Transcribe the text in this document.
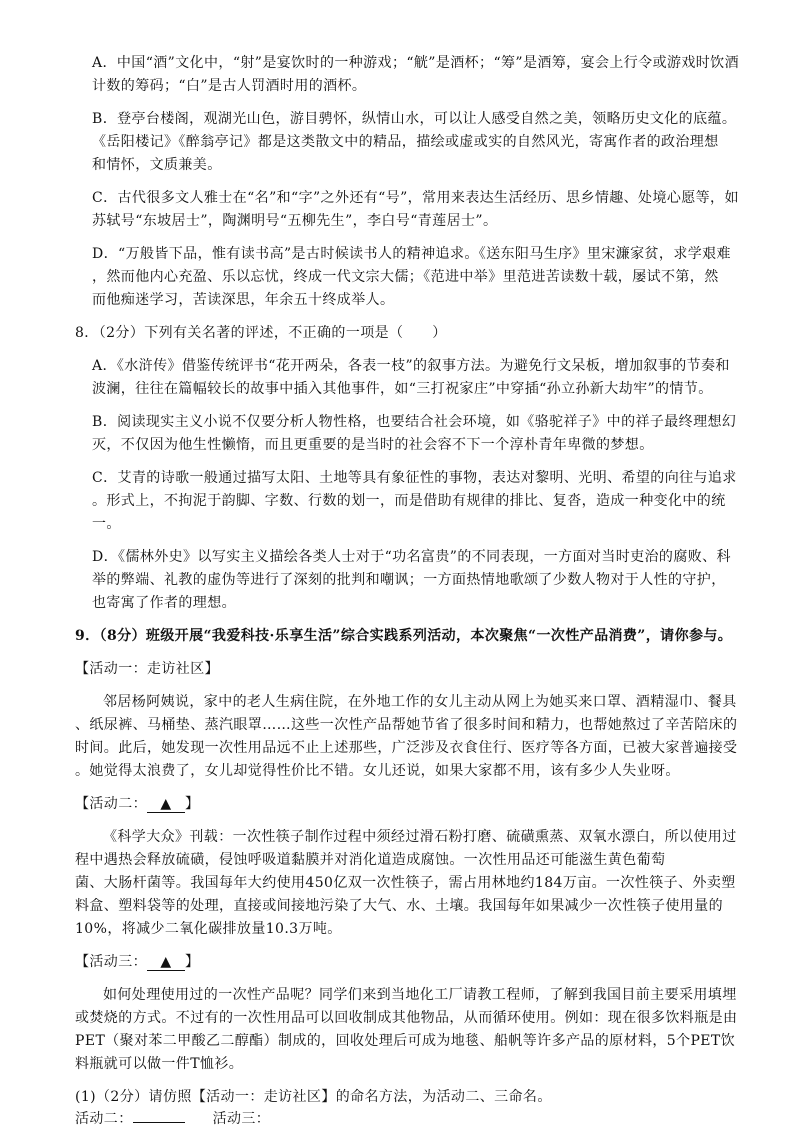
A．中国“酒”文化中，“射”是宴饮时的一种游戏；“觥”是酒杯；“筹”是酒筹，宴会上行令或游戏时饮酒

计数的筹码；“白”是古人罚酒时用的酒杯。

B．登亭台楼阁，观湖光山色，游目骋怀，纵情山水，可以让人感受自然之美，领略历史文化的底蕴。

《岳阳楼记》《醉翁亭记》都是这类散文中的精品，描绘或虚或实的自然风光，寄寓作者的政治理想

和情怀，文质兼美。

C．古代很多文人雅士在“名”和“字”之外还有“号”，常用来表达生活经历、思乡情趣、处境心愿等，如

苏轼号“东坡居士”，陶渊明号“五柳先生”，李白号“青莲居士”。

D．“万般皆下品，惟有读书高”是古时候读书人的精神追求。《送东阳马生序》里宋濂家贫，求学艰难

，然而他内心充盈、乐以忘忧，终成一代文宗大儒；《范进中举》里范进苦读数十载，屡试不第，然

而他痴迷学习，苦读深思，年余五十终成举人。

8．（2分）下列有关名著的评述，不正确的一项是（　　）

A．《水浒传》借鉴传统评书“花开两朵，各表一枝”的叙事方法。为避免行文呆板，增加叙事的节奏和

波澜，往往在篇幅较长的故事中插入其他事件，如“三打祝家庄”中穿插“孙立孙新大劫牢”的情节。

B．阅读现实主义小说不仅要分析人物性格，也要结合社会环境，如《骆驼祥子》中的祥子最终理想幻

灭，不仅因为他生性懒惰，而且更重要的是当时的社会容不下一个淳朴青年卑微的梦想。

C．艾青的诗歌一般通过描写太阳、土地等具有象征性的事物，表达对黎明、光明、希望的向往与追求

。形式上，不拘泥于韵脚、字数、行数的划一，而是借助有规律的排比、复沓，造成一种变化中的统

一。

D．《儒林外史》以写实主义描绘各类人士对于“功名富贵”的不同表现，一方面对当时吏治的腐败、科

举的弊端、礼教的虚伪等进行了深刻的批判和嘲讽；一方面热情地歌颂了少数人物对于人性的守护，

也寄寓了作者的理想。

9．（8分）班级开展“我爱科技·乐享生活”综合实践系列活动，本次聚焦“一次性产品消费”，请你参与。

【活动一：走访社区】

邻居杨阿姨说，家中的老人生病住院，在外地工作的女儿主动从网上为她买来口罩、酒精湿巾、餐具

、纸尿裤、马桶垫、蒸汽眼罩……这些一次性产品帮她节省了很多时间和精力，也帮她熬过了辛苦陪床的

时间。此后，她发现一次性用品远不止上述那些，广泛涉及衣食住行、医疗等各方面，已被大家普遍接受

。她觉得太浪费了，女儿却觉得性价比不错。女儿还说，如果大家都不用，该有多少人失业呀。

【活动二： ▲ 】

《科学大众》刊载：一次性筷子制作过程中须经过滑石粉打磨、硫磺熏蒸、双氧水漂白，所以使用过

程中遇热会释放硫磺，侵蚀呼吸道黏膜并对消化道造成腐蚀。一次性用品还可能滋生黄色葡萄

菌、大肠杆菌等。我国每年大约使用450亿双一次性筷子，需占用林地约184万亩。一次性筷子、外卖塑

料盒、塑料袋等的处理，直接或间接地污染了大气、水、土壤。我国每年如果减少一次性筷子使用量的

10%，将减少二氧化碳排放量10.3万吨。

【活动三： ▲ 】

如何处理使用过的一次性产品呢？同学们来到当地化工厂请教工程师，了解到我国目前主要采用填埋

或焚烧的方式。不过有的一次性用品可以回收制成其他物品，从而循环使用。例如：现在很多饮料瓶是由

PET（聚对苯二甲酸乙二醇酯）制成的，回收处理后可成为地毯、船帆等许多产品的原材料，5个PET饮

料瓶就可以做一件T恤衫。

(1)（2分）请仿照【活动一：走访社区】的命名方法，为活动二、三命名。

活动二：	活动三：
